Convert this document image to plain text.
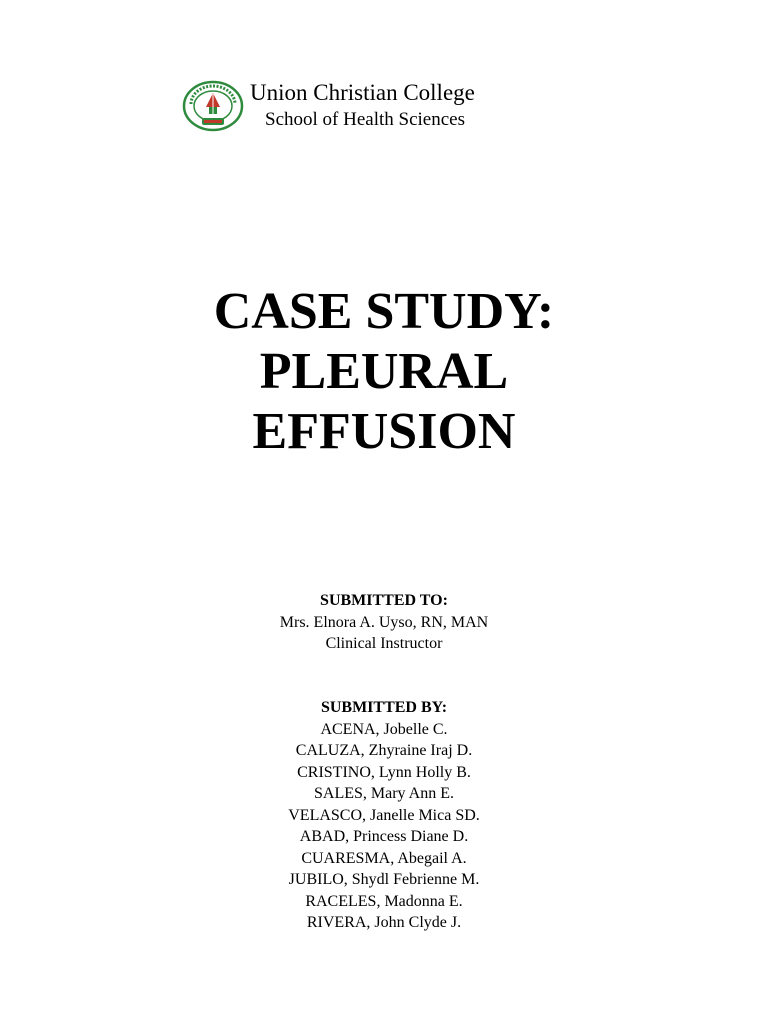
Union Christian College
School of Health Sciences
CASE STUDY:
PLEURAL
EFFUSION
SUBMITTED TO:
Mrs. Elnora A. Uyso, RN, MAN
Clinical Instructor
SUBMITTED BY:
ACENA, Jobelle C.
CALUZA, Zhyraine Iraj D.
CRISTINO, Lynn Holly B.
SALES, Mary Ann E.
VELASCO, Janelle Mica SD.
ABAD, Princess Diane D.
CUARESMA, Abegail A.
JUBILO, Shydl Febrienne M.
RACELES, Madonna E.
RIVERA, John Clyde J.
